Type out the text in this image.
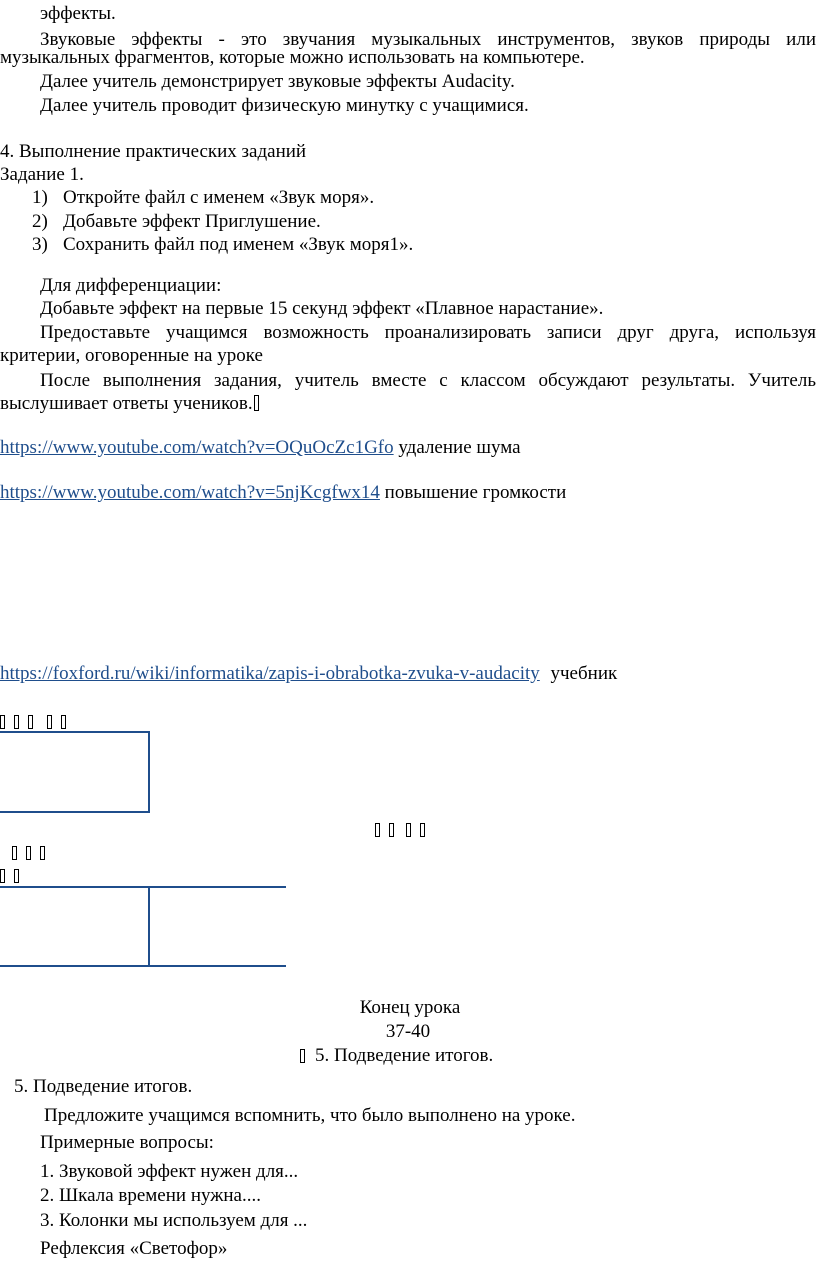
эффекты.
Звуковые эффекты - это звучания музыкальных инструментов, звуков природы или
музыкальных фрагментов, которые можно использовать на компьютере.
Далее учитель демонстрирует звуковые эффекты Audacity.
Далее учитель проводит физическую минутку с учащимися.
4. Выполнение практических заданий
Задание 1.
1) Откройте файл с именем «Звук моря».
2) Добавьте эффект Приглушение.
3) Сохранить файл под именем «Звук моря1».
Для дифференциации:
Добавьте эффект на первые 15 секунд эффект «Плавное нарастание».
Предоставьте учащимся возможность проанализировать записи друг друга, используя
критерии, оговоренные на уроке
После выполнения задания, учитель вместе с классом обсуждают результаты. Учитель
выслушивает ответы учеников.
https://www.youtube.com/watch?v=OQuOcZc1Gfo удаление шума
https://www.youtube.com/watch?v=5njKcgfwx14 повышение громкости
https://foxford.ru/wiki/informatika/zapis-i-obrabotka-zvuka-v-audacity учебник
Конец урока
37-40
5. Подведение итогов.
5. Подведение итогов.
Предложите учащимся вспомнить, что было выполнено на уроке.
Примерные вопросы:
1. Звуковой эффект нужен для...
2. Шкала времени нужна....
3. Колонки мы используем для ...
Рефлексия «Светофор»
